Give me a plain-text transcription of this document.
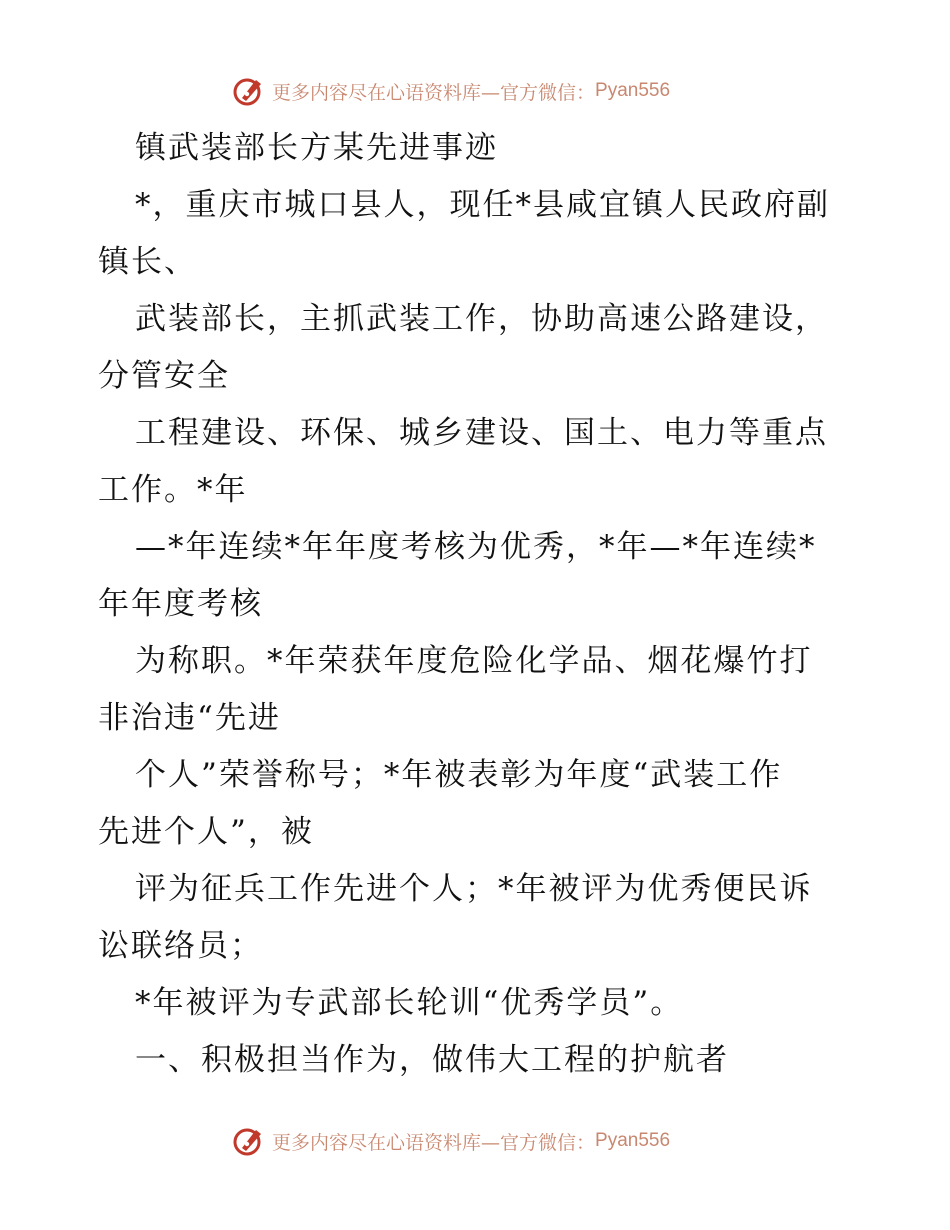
更多内容尽在心语资料库—官方微信： Pyan556
镇武装部长方某先进事迹
*，重庆市城口县人，现任*县咸宜镇人民政府副
镇长、
武装部长，主抓武装工作，协助高速公路建设，
分管安全
工程建设、环保、城乡建设、国土、电力等重点
工作。*年
—*年连续*年年度考核为优秀，*年—*年连续*
年年度考核
为称职。*年荣获年度危险化学品、烟花爆竹打
非治违“先进
个人”荣誉称号；*年被表彰为年度“武装工作
先进个人”，被
评为征兵工作先进个人；*年被评为优秀便民诉
讼联络员；
*年被评为专武部长轮训“优秀学员”。
一、积极担当作为，做伟大工程的护航者
更多内容尽在心语资料库—官方微信： Pyan556
